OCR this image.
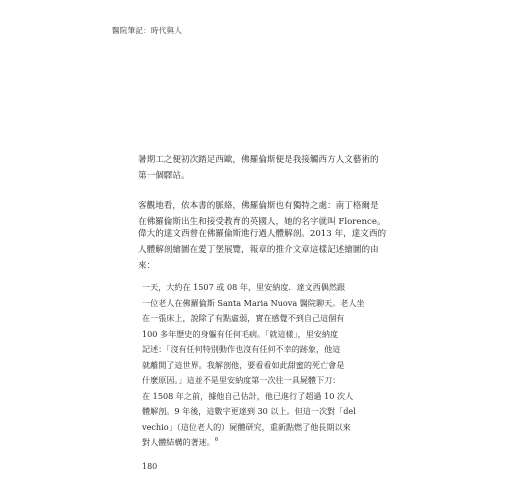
醫院筆記：時代與人

暑期工之便初次踏足西歐，佛羅倫斯便是我接觸西方人文藝術的
第一個驛站。

客觀地看，依本書的脈絡，佛羅倫斯也有獨特之處：南丁格爾是
在佛羅倫斯出生和接受教育的英國人，她的名字就叫 Florence。

偉大的達文西曾在佛羅倫斯進行過人體解剖。2013 年，達文西的
人體解剖繪圖在愛丁堡展覽，報章的推介文章這樣記述繪圖的由
來：

一天，大約在 1507 或 08 年，里安納度．達文西偶然跟
一位老人在佛羅倫斯 Santa Maria Nuova 醫院聊天。老人坐
在一張床上，說除了有點虛弱，實在感覺不到自己這個有
100 多年歷史的身軀有任何毛病。「就這樣」，里安納度
記述：「沒有任何特別動作也沒有任何不幸的跡象，他這
就離開了這世界。我解剖他，要看看如此甜蜜的死亡會是
什麼原因。」這並不是里安納度第一次往一具屍體下刀：
在 1508 年之前，據他自己估計，他已進行了超過 10 次人
體解剖。9 年後，這數字更達到 30 以上。但這一次對「del
vechio」（這位老人的）屍體研究，重新點燃了他長期以來
對人體結構的著迷。$^6$
180
